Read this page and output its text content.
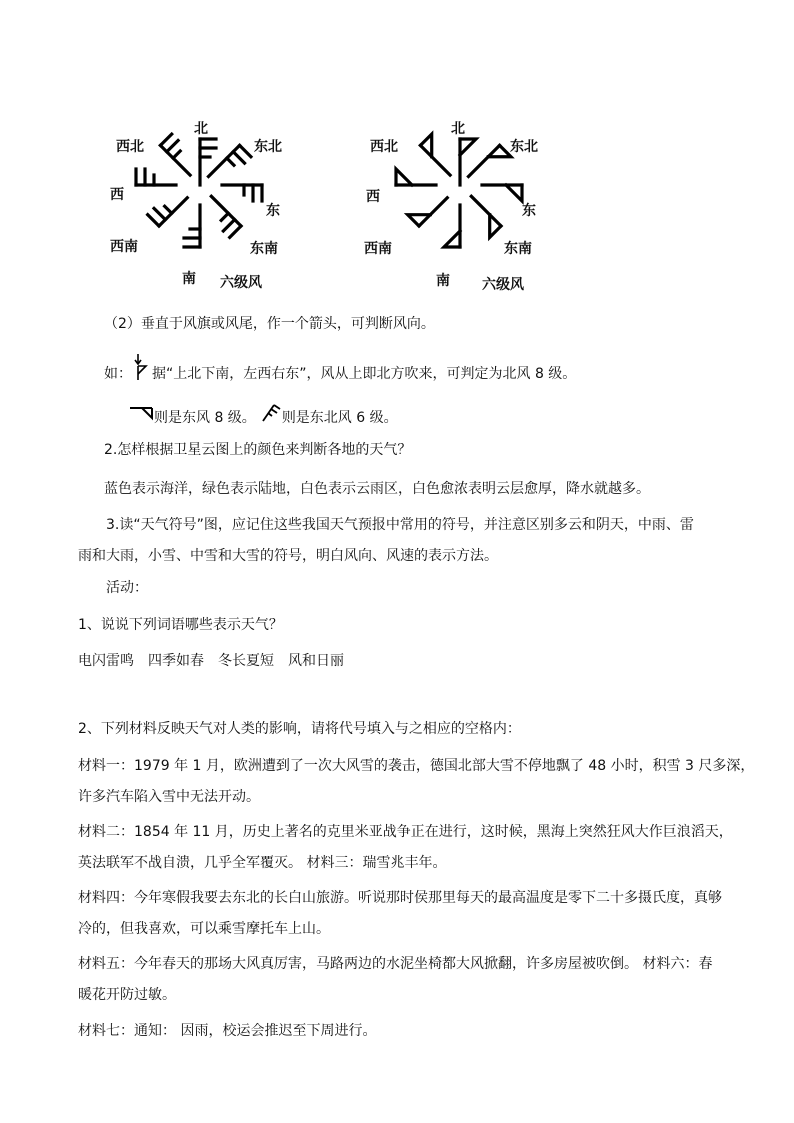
北
东北
东
东南
南
西南
西
西北
六级风
北
东北
东
东南
南
西南
西
西北
六级风
（2）垂直于风旗或风尾，作一个箭头，可判断风向。
如： 据“上北下南，左西右东”，风从上即北方吹来，可判定为北风 8 级。
则是东风 8 级。 则是东北风 6 级。
2.怎样根据卫星云图上的颜色来判断各地的天气？
蓝色表示海洋，绿色表示陆地，白色表示云雨区，白色愈浓表明云层愈厚，降水就越多。
3.读“天气符号”图，应记住这些我国天气预报中常用的符号，并注意区别多云和阴天，中雨、雷
雨和大雨，小雪、中雪和大雪的符号，明白风向、风速的表示方法。
活动：
1、说说下列词语哪些表示天气？
电闪雷鸣　四季如春　冬长夏短　风和日丽
2、下列材料反映天气对人类的影响，请将代号填入与之相应的空格内：
材料一：1979 年 1 月，欧洲遭到了一次大风雪的袭击，德国北部大雪不停地飘了 48 小时，积雪 3 尺多深，
许多汽车陷入雪中无法开动。
材料二：1854 年 11 月，历史上著名的克里米亚战争正在进行，这时候，黑海上突然狂风大作巨浪滔天，
英法联军不战自溃，几乎全军覆灭。 材料三：瑞雪兆丰年。
材料四：今年寒假我要去东北的长白山旅游。听说那时侯那里每天的最高温度是零下二十多摄氏度，真够
冷的，但我喜欢，可以乘雪摩托车上山。
材料五：今年春天的那场大风真厉害，马路两边的水泥坐椅都大风掀翻，许多房屋被吹倒。 材料六：春
暖花开防过敏。
材料七：通知： 因雨，校运会推迟至下周进行。
